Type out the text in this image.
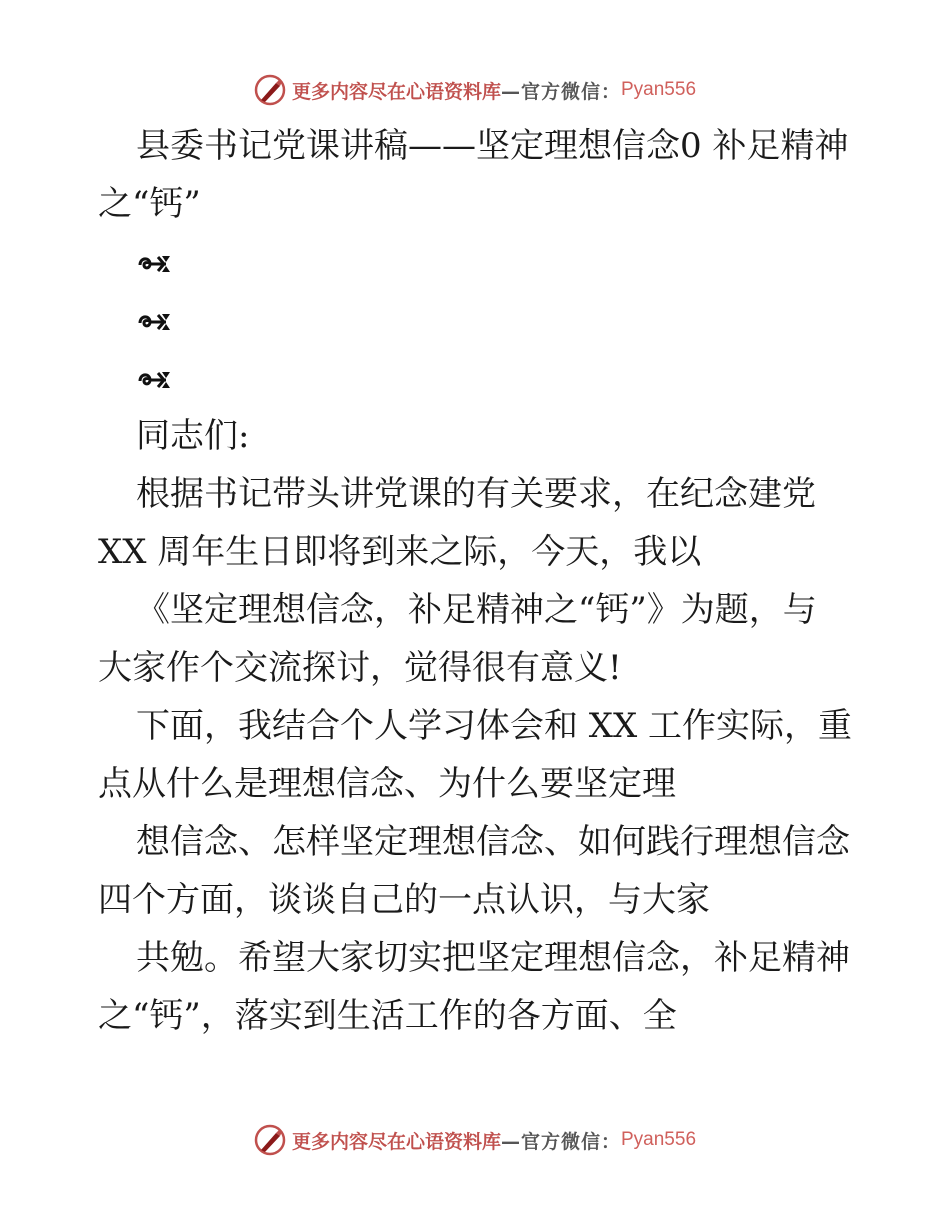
更多内容尽在心语资料库 —官方微信： Pyan556
县委书记党课讲稿——坚定理想信念0 补足精神
之“钙”
同志们:
根据书记带头讲党课的有关要求，在纪念建党
XX 周年生日即将到来之际，今天，我以
《坚定理想信念，补足精神之“钙”》为题，与
大家作个交流探讨，觉得很有意义!
下面，我结合个人学习体会和 XX 工作实际，重
点从什么是理想信念、为什么要坚定理
想信念、怎样坚定理想信念、如何践行理想信念
四个方面，谈谈自己的一点认识，与大家
共勉。希望大家切实把坚定理想信念，补足精神
之“钙”，落实到生活工作的各方面、全
更多内容尽在心语资料库 —官方微信： Pyan556
